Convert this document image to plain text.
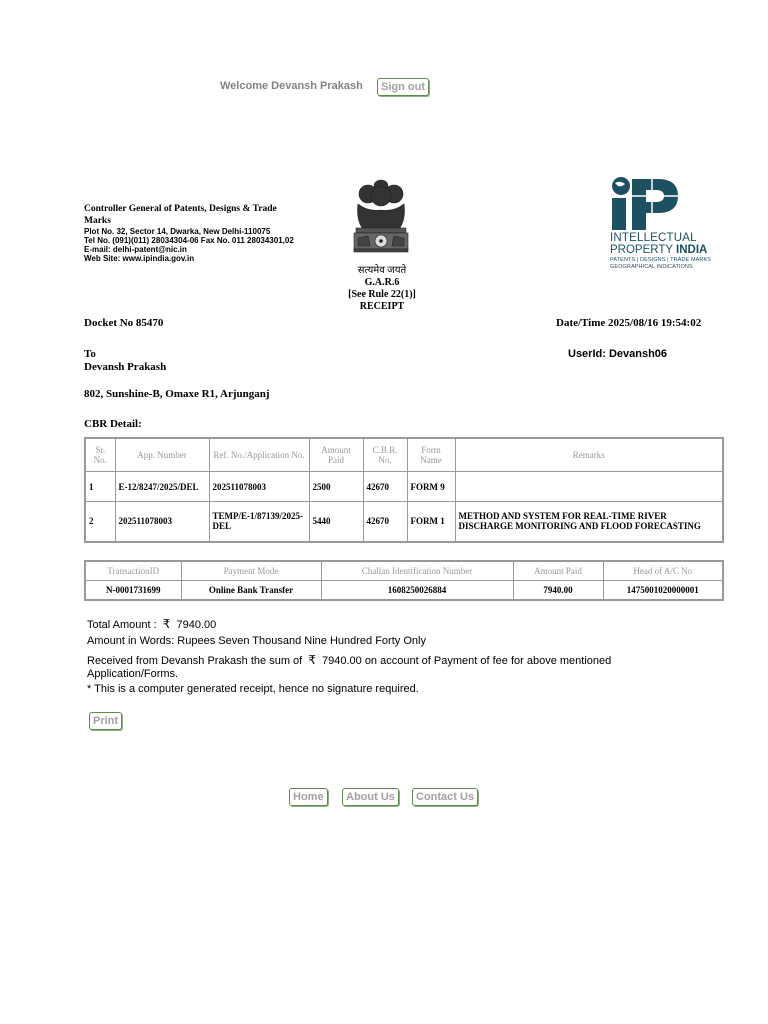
Welcome Devansh Prakash	Sign out
Controller General of Patents, Designs & Trade Marks
Plot No. 32, Sector 14, Dwarka, New Delhi-110075
Tel No. (091)(011) 28034304-06 Fax No. 011 28034301,02
E-mail: delhi-patent@nic.in
Web Site: www.ipindia.gov.in
सत्यमेव जयते
G.A.R.6
[See Rule 22(1)]
RECEIPT
INTELLECTUAL
PROPERTY INDIA
PATENTS | DESIGNS | TRADE MARKS
GEOGRAPHICAL INDICATIONS
Docket No 85470	Date/Time 2025/08/16 19:54:02
To
Devansh Prakash
UserId: Devansh06
802, Sunshine-B, Omaxe R1, Arjunganj
CBR Detail:
Sr. No.	App. Number	Ref. No./Application No.	Amount Paid	C.B.R. No.	Form Name	Remarks
1	E-12/8247/2025/DEL	202511078003	2500	42670	FORM 9	
2	202511078003	TEMP/E-1/87139/2025-DEL	5440	42670	FORM 1	METHOD AND SYSTEM FOR REAL-TIME RIVER DISCHARGE MONITORING AND FLOOD FORECASTING
TransactionID	Payment Mode	Challan Identification Number	Amount Paid	Head of A/C No
N-0001731699	Online Bank Transfer	1608250026884	7940.00	1475001020000001
Total Amount : ₹ 7940.00
Amount in Words: Rupees Seven Thousand Nine Hundred Forty Only
Received from Devansh Prakash the sum of ₹ 7940.00 on account of Payment of fee for above mentioned Application/Forms.
* This is a computer generated receipt, hence no signature required.
Print
Home	About Us	Contact Us
